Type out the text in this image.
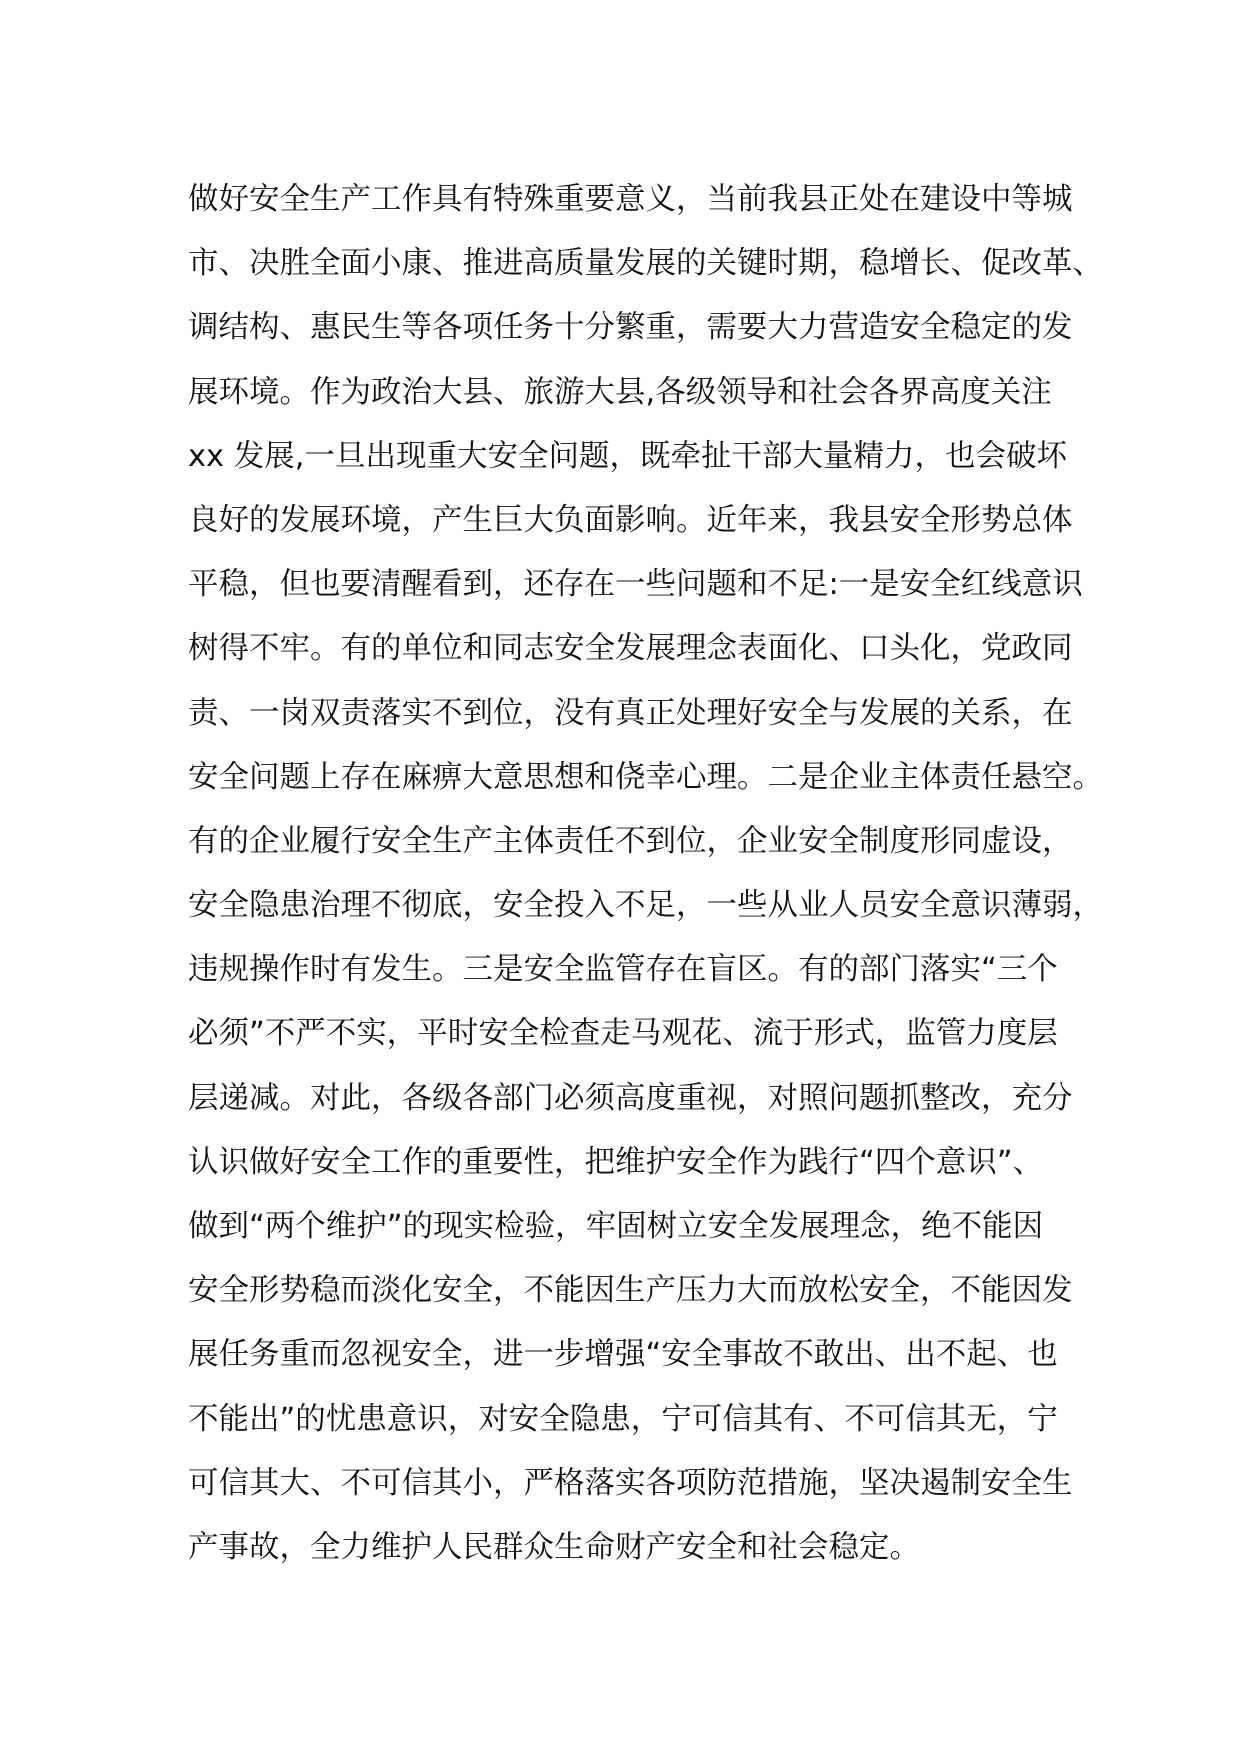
做好安全生产工作具有特殊重要意义，当前我县正处在建设中等城
市、决胜全面小康、推进高质量发展的关键时期，稳增长、促改革、
调结构、惠民生等各项任务十分繁重，需要大力营造安全稳定的发
展环境。作为政治大县、旅游大县,各级领导和社会各界高度关注
xx 发展,一旦出现重大安全问题，既牵扯干部大量精力，也会破坏
良好的发展环境，产生巨大负面影响。近年来，我县安全形势总体
平稳，但也要清醒看到，还存在一些问题和不足:一是安全红线意识
树得不牢。有的单位和同志安全发展理念表面化、口头化，党政同
责、一岗双责落实不到位，没有真正处理好安全与发展的关系，在
安全问题上存在麻痹大意思想和侥幸心理。二是企业主体责任悬空。
有的企业履行安全生产主体责任不到位，企业安全制度形同虚设，
安全隐患治理不彻底，安全投入不足，一些从业人员安全意识薄弱，
违规操作时有发生。三是安全监管存在盲区。有的部门落实“三个
必须”不严不实，平时安全检查走马观花、流于形式，监管力度层
层递减。对此，各级各部门必须高度重视，对照问题抓整改，充分
认识做好安全工作的重要性，把维护安全作为践行“四个意识”、
做到“两个维护”的现实检验，牢固树立安全发展理念，绝不能因
安全形势稳而淡化安全，不能因生产压力大而放松安全，不能因发
展任务重而忽视安全，进一步增强“安全事故不敢出、出不起、也
不能出”的忧患意识，对安全隐患，宁可信其有、不可信其无，宁
可信其大、不可信其小，严格落实各项防范措施，坚决遏制安全生
产事故，全力维护人民群众生命财产安全和社会稳定。
